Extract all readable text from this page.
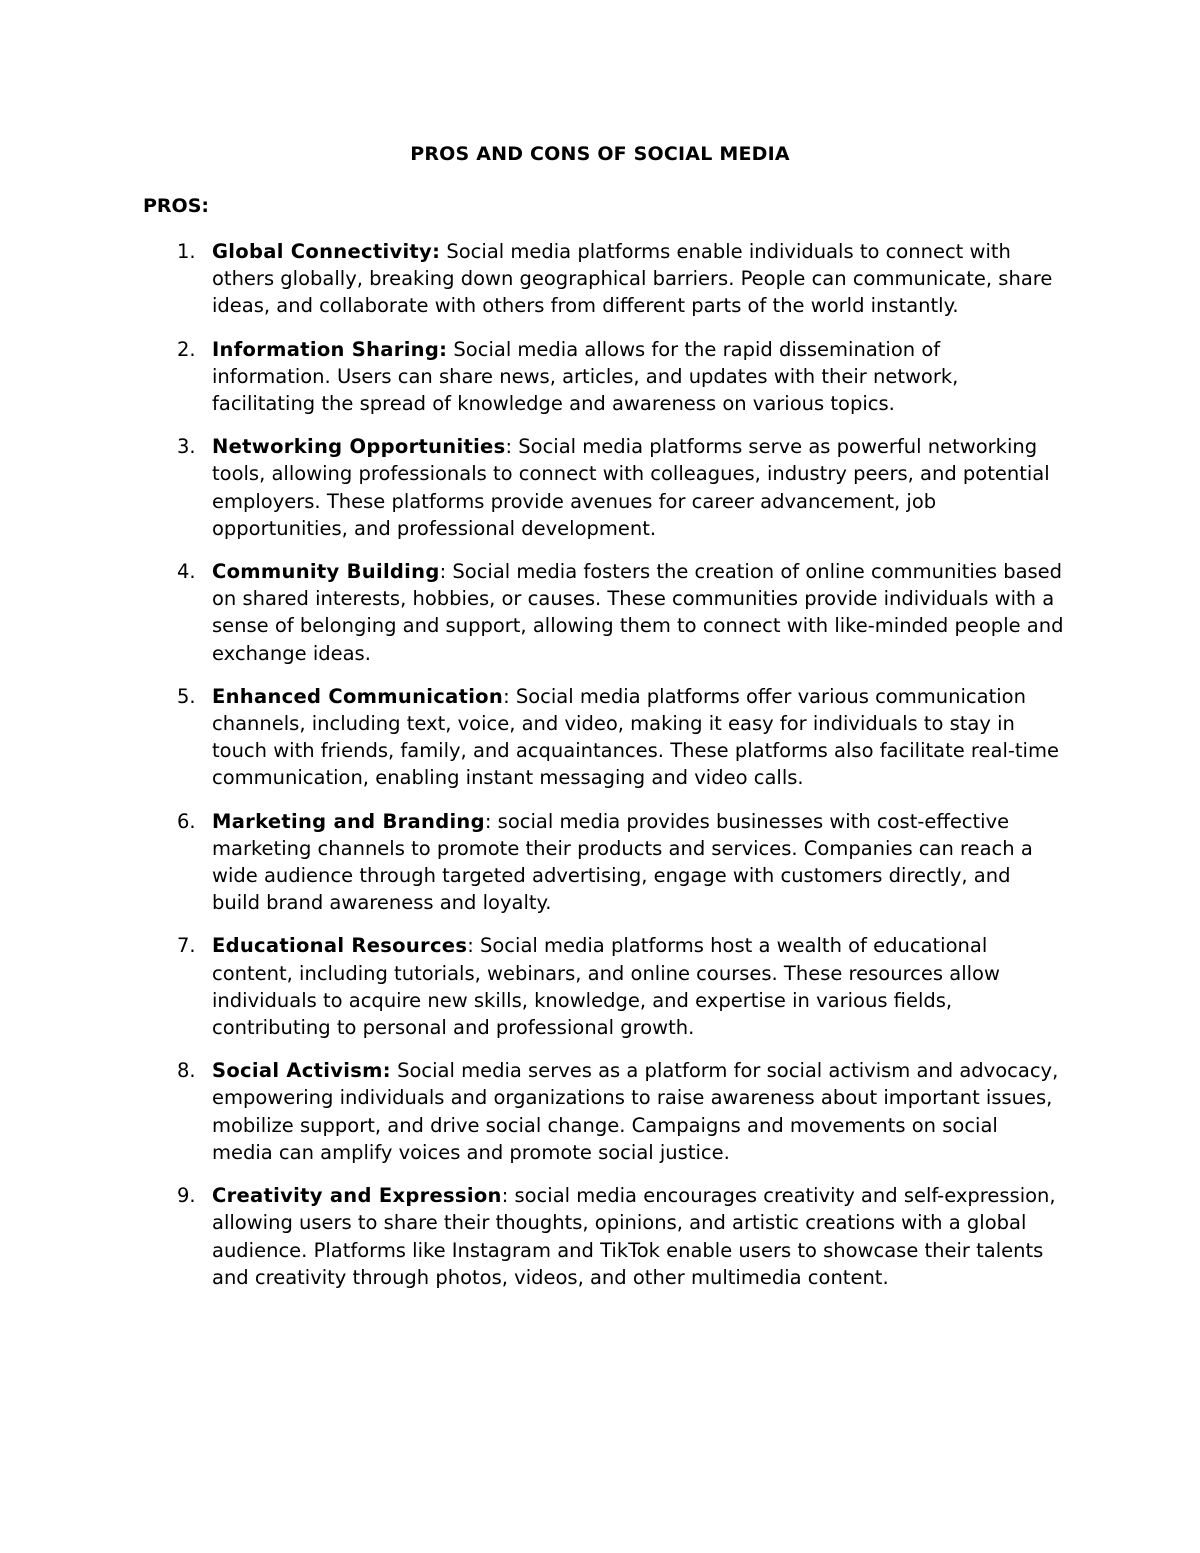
PROS AND CONS OF SOCIAL MEDIA
PROS:
1. Global Connectivity: Social media platforms enable individuals to connect with others globally, breaking down geographical barriers. People can communicate, share ideas, and collaborate with others from different parts of the world instantly.
2. Information Sharing: Social media allows for the rapid dissemination of information. Users can share news, articles, and updates with their network, facilitating the spread of knowledge and awareness on various topics.
3. Networking Opportunities: Social media platforms serve as powerful networking tools, allowing professionals to connect with colleagues, industry peers, and potential employers. These platforms provide avenues for career advancement, job opportunities, and professional development.
4. Community Building: Social media fosters the creation of online communities based on shared interests, hobbies, or causes. These communities provide individuals with a sense of belonging and support, allowing them to connect with like-minded people and exchange ideas.
5. Enhanced Communication: Social media platforms offer various communication channels, including text, voice, and video, making it easy for individuals to stay in touch with friends, family, and acquaintances. These platforms also facilitate real-time communication, enabling instant messaging and video calls.
6. Marketing and Branding: social media provides businesses with cost-effective marketing channels to promote their products and services. Companies can reach a wide audience through targeted advertising, engage with customers directly, and build brand awareness and loyalty.
7. Educational Resources: Social media platforms host a wealth of educational content, including tutorials, webinars, and online courses. These resources allow individuals to acquire new skills, knowledge, and expertise in various fields, contributing to personal and professional growth.
8. Social Activism: Social media serves as a platform for social activism and advocacy, empowering individuals and organizations to raise awareness about important issues, mobilize support, and drive social change. Campaigns and movements on social media can amplify voices and promote social justice.
9. Creativity and Expression: social media encourages creativity and self-expression, allowing users to share their thoughts, opinions, and artistic creations with a global audience. Platforms like Instagram and TikTok enable users to showcase their talents and creativity through photos, videos, and other multimedia content.
